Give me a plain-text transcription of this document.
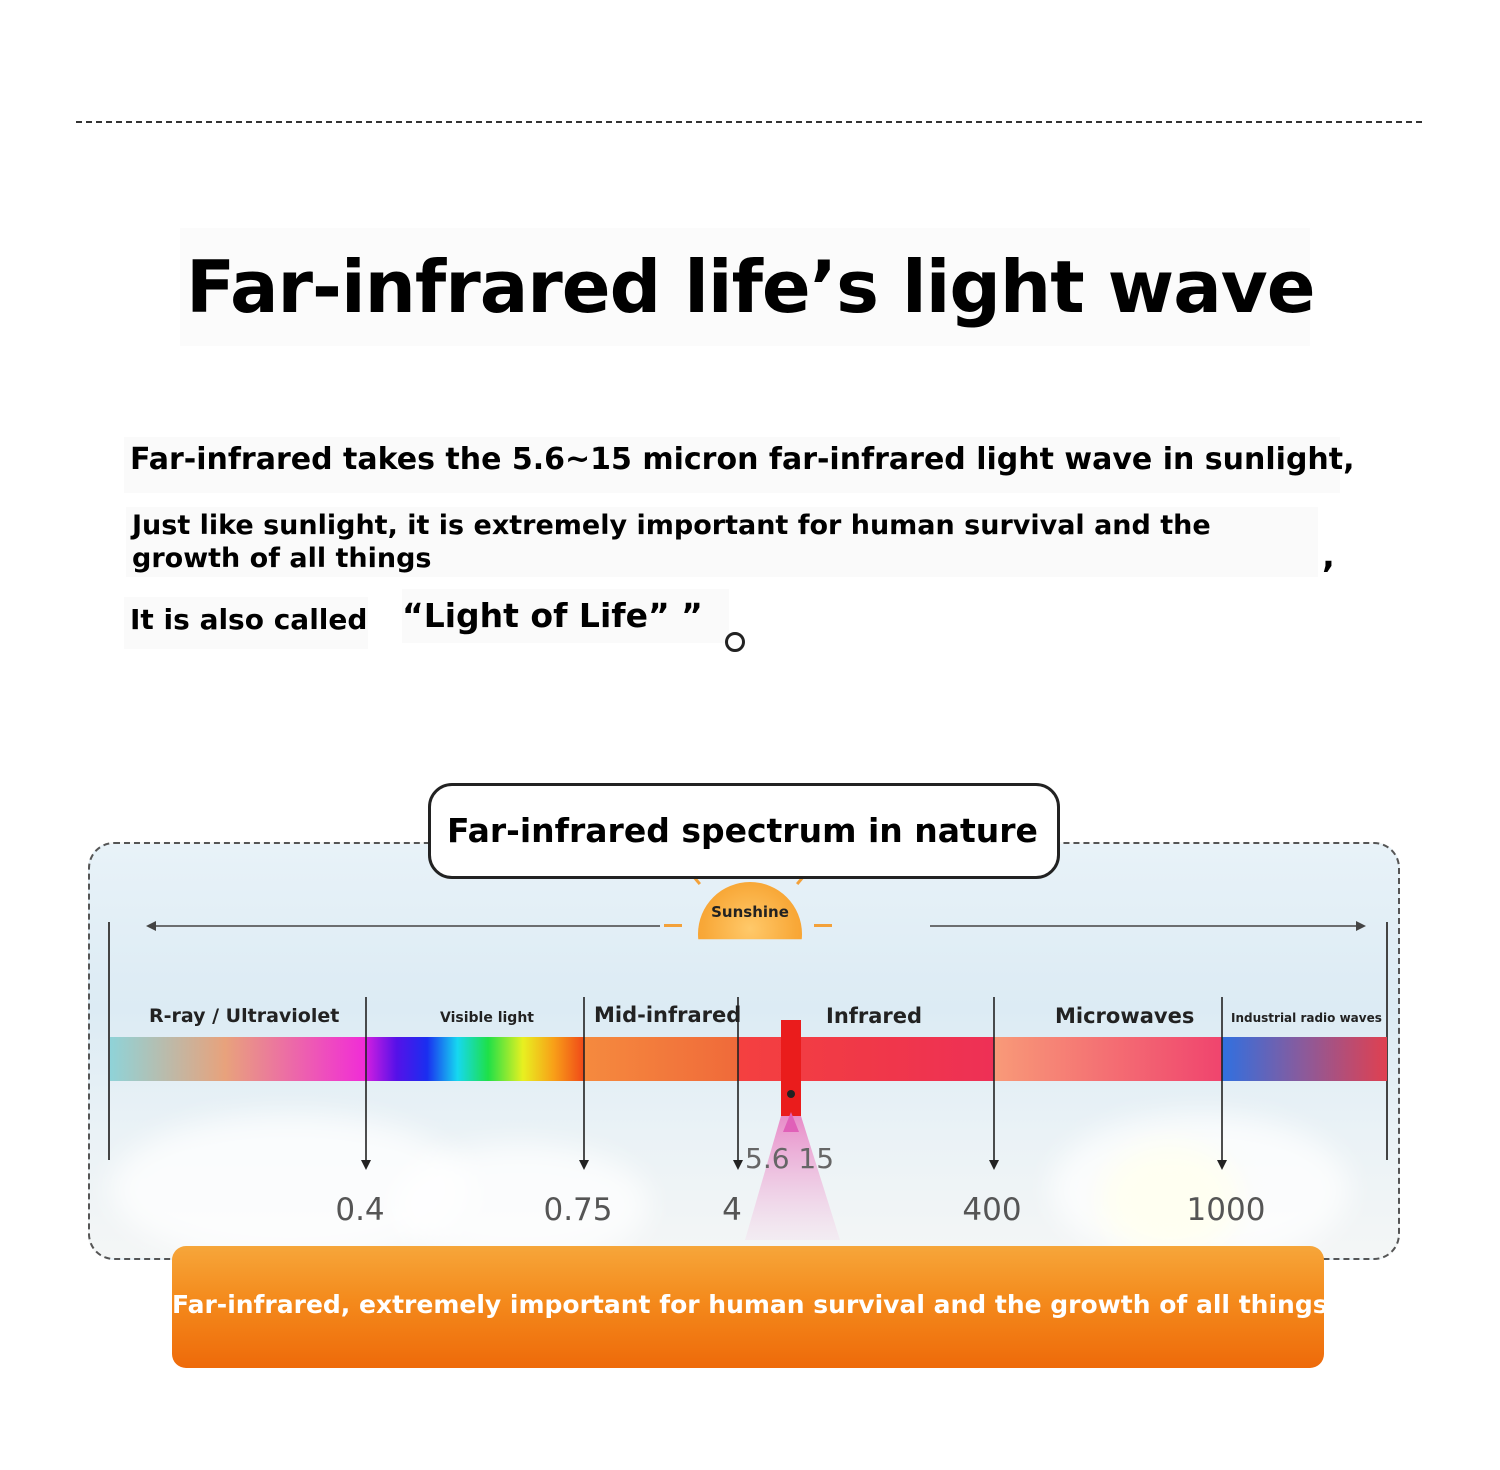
Far-infrared life’s light wave
Far-infrared takes the 5.6~15 micron far-infrared light wave in sunlight,
Just like sunlight, it is extremely important for human survival and the growth of all things	,
It is also called “Light of Life” ”
Sunshine
Far-infrared spectrum in nature
R-ray / Ultraviolet	Visible light	Mid-infrared	Infrared	Microwaves	Industrial radio waves
5.6 15
0.4	0.75	4	400	1000
Far-infrared, extremely important for human survival and the growth of all things
